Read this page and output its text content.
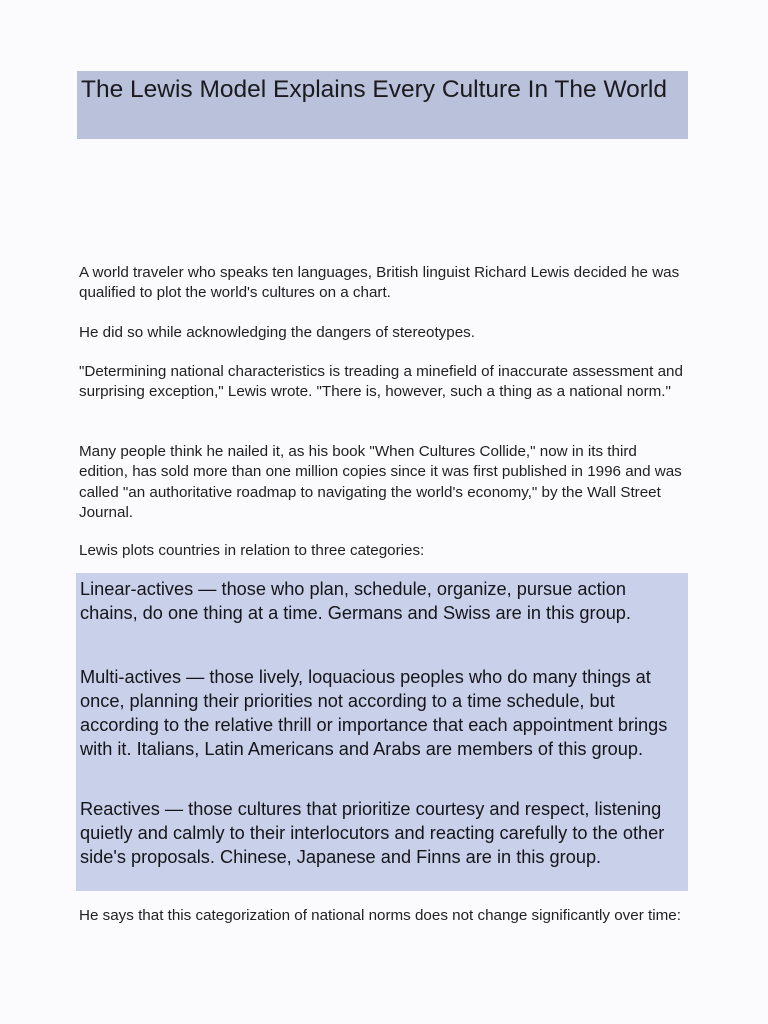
The Lewis Model Explains Every Culture In The World

A world traveler who speaks ten languages, British linguist Richard Lewis decided he was qualified to plot the world's cultures on a chart.

He did so while acknowledging the dangers of stereotypes.

"Determining national characteristics is treading a minefield of inaccurate assessment and surprising exception," Lewis wrote. "There is, however, such a thing as a national norm."

Many people think he nailed it, as his book "When Cultures Collide," now in its third edition, has sold more than one million copies since it was first published in 1996 and was called "an authoritative roadmap to navigating the world's economy," by the Wall Street Journal.

Lewis plots countries in relation to three categories:

Linear-actives — those who plan, schedule, organize, pursue action chains, do one thing at a time. Germans and Swiss are in this group.

Multi-actives — those lively, loquacious peoples who do many things at once, planning their priorities not according to a time schedule, but according to the relative thrill or importance that each appointment brings with it. Italians, Latin Americans and Arabs are members of this group.

Reactives — those cultures that prioritize courtesy and respect, listening quietly and calmly to their interlocutors and reacting carefully to the other side's proposals. Chinese, Japanese and Finns are in this group.

He says that this categorization of national norms does not change significantly over time:
